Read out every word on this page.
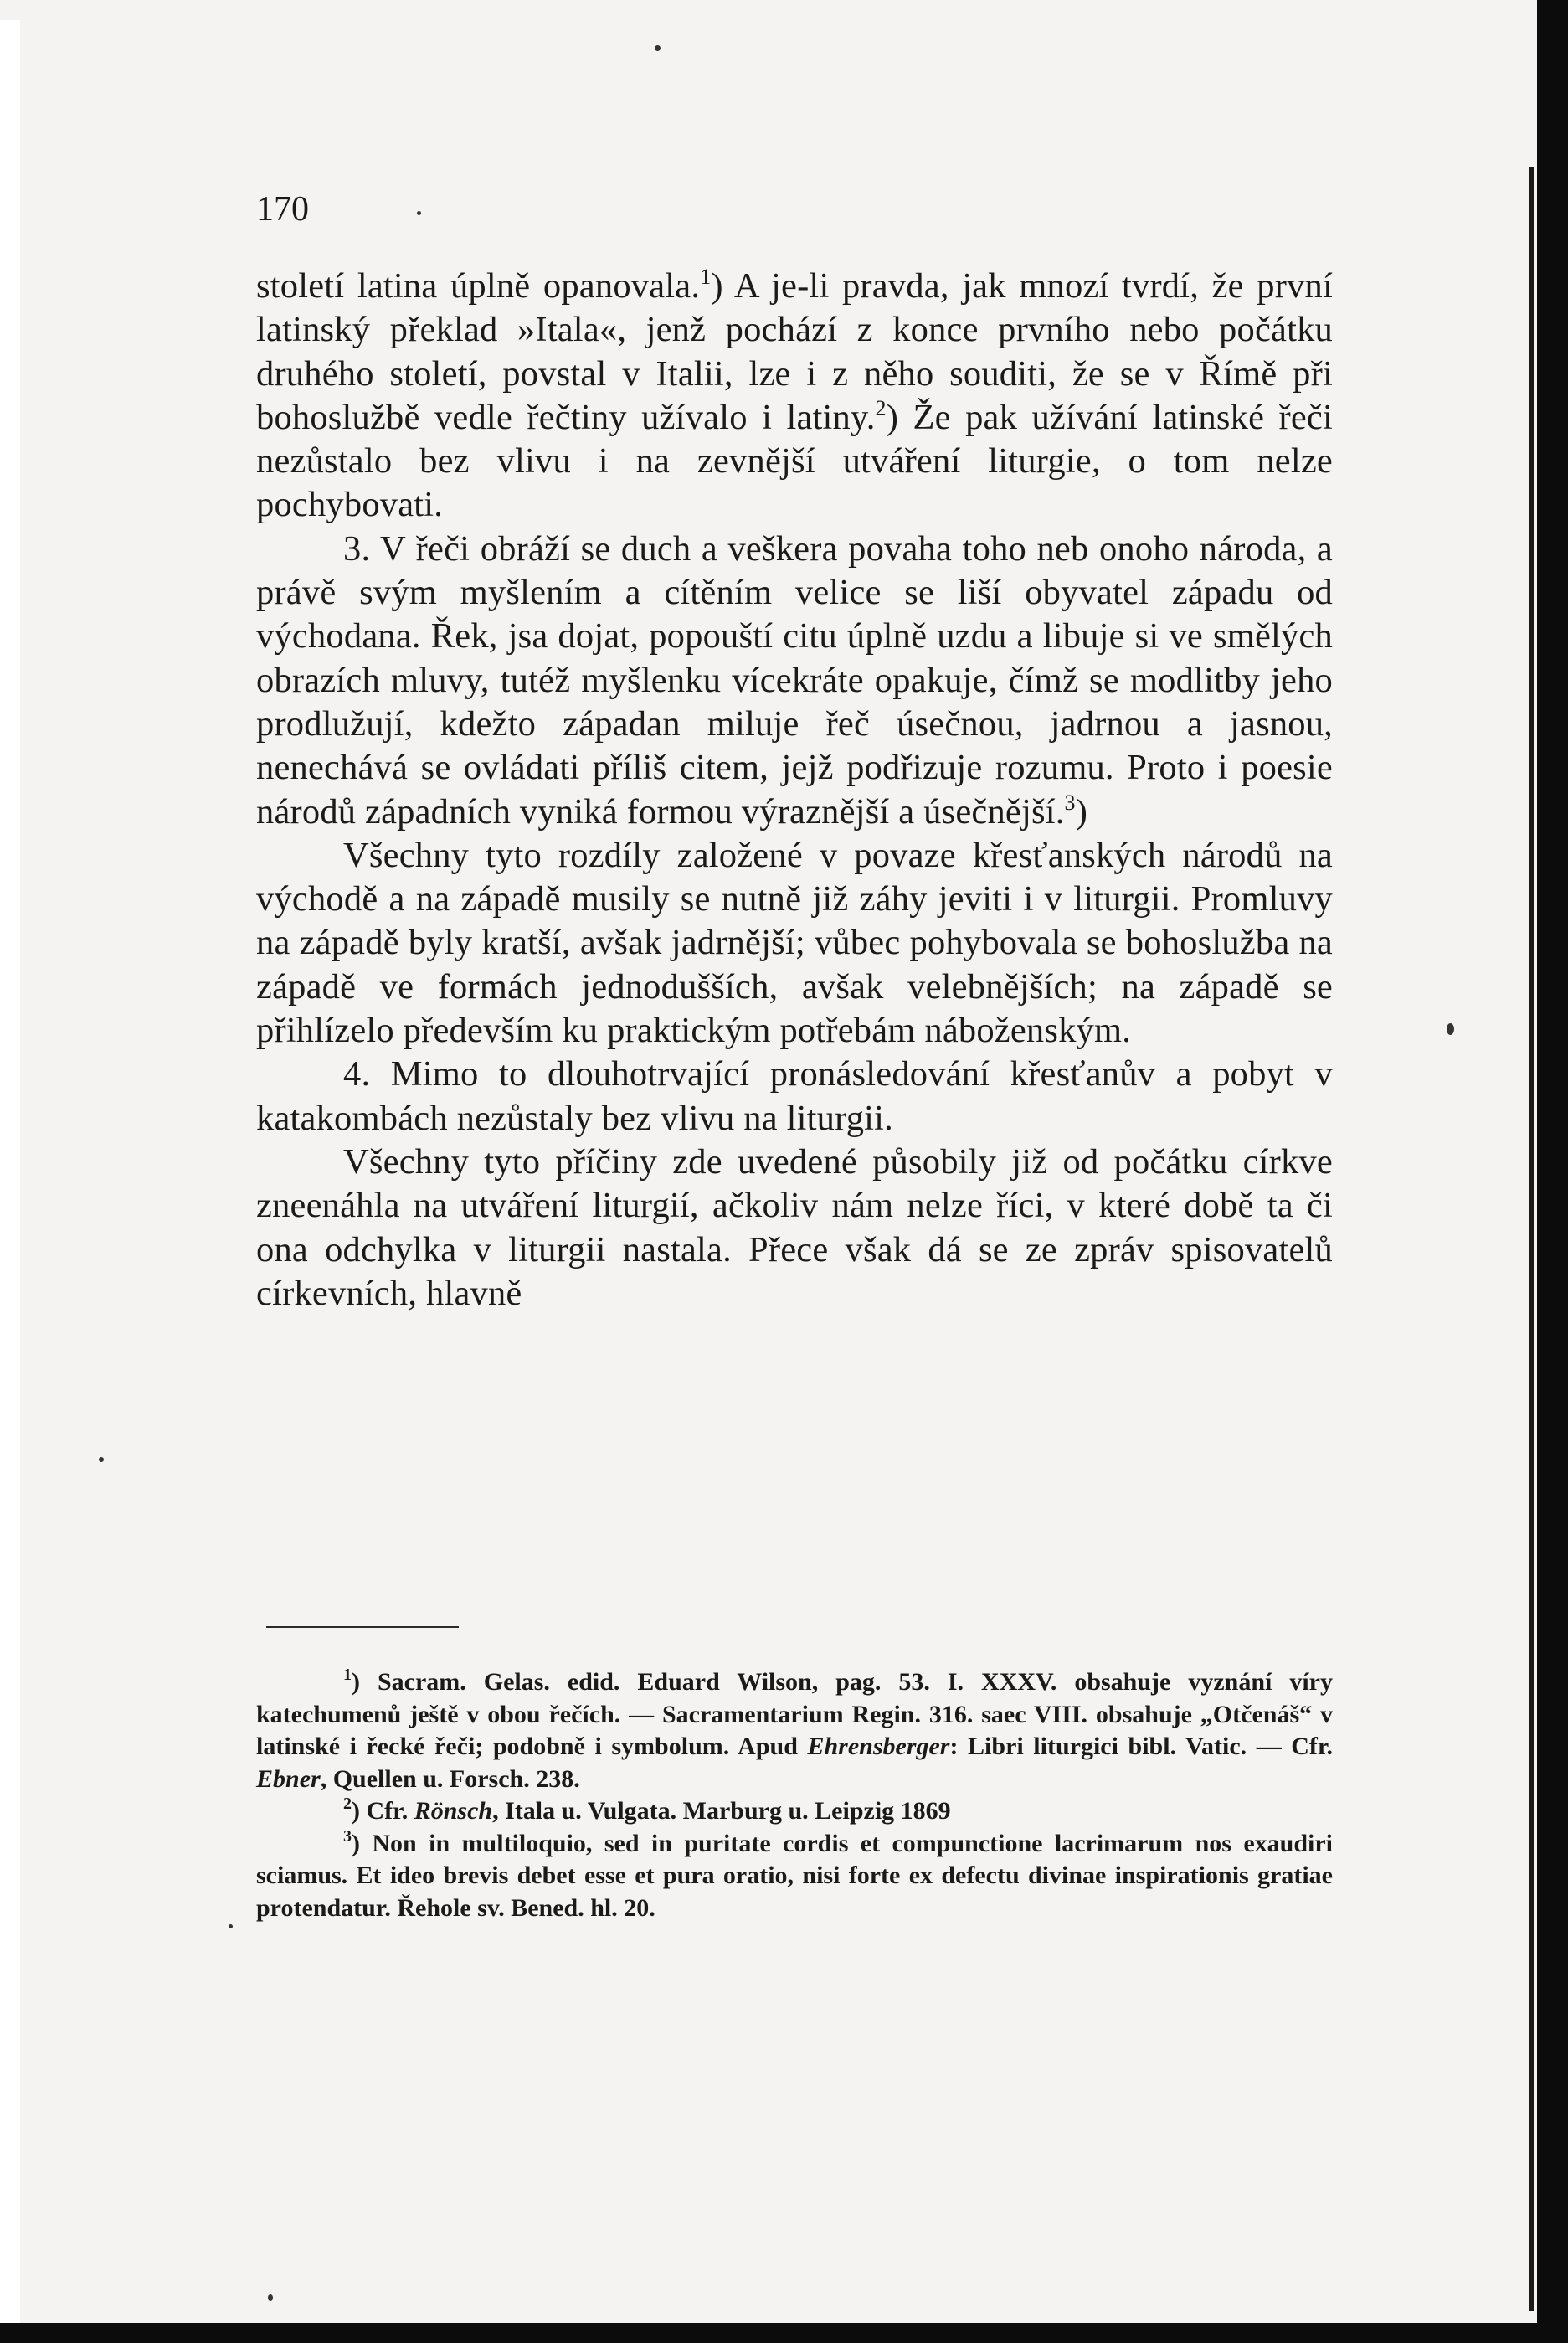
170

století latina úplně opanovala.$^1$) A je-li pravda, jak mnozí tvrdí, že první latinský překlad »Itala«, jenž pochází z konce prvního nebo počátku druhého století, povstal v Italii, lze i z něho souditi, že se v Římě při bohoslužbě vedle řečtiny užívalo i latiny.$^2$) Že pak užívání latinské řeči nezůstalo bez vlivu i na zevnější utváření liturgie, o tom nelze pochybovati.

3. V řeči obráží se duch a veškera povaha toho neb onoho národa, a právě svým myšlením a cítěním velice se liší obyvatel západu od východana. Řek, jsa dojat, popouští citu úplně uzdu a libuje si ve smělých obrazích mluvy, tutéž myšlenku vícekráte opakuje, čímž se modlitby jeho prodlužují, kdežto západan miluje řeč úsečnou, jadrnou a jasnou, nenechává se ovládati příliš citem, jejž podřizuje rozumu. Proto i poesie národů západních vyniká formou výraznější a úsečnější.$^3$)

Všechny tyto rozdíly založené v povaze křesťanských národů na východě a na západě musily se nutně již záhy jeviti i v liturgii. Promluvy na západě byly kratší, avšak jadrnější; vůbec pohybovala se bohoslužba na západě ve formách jednodušších, avšak velebnějších; na západě se přihlízelo především ku praktickým potřebám náboženským.

4. Mimo to dlouhotrvající pronásledování křesťanův a pobyt v katakombách nezůstaly bez vlivu na liturgii.

Všechny tyto příčiny zde uvedené působily již od počátku církve zneenáhla na utváření liturgií, ačkoliv nám nelze říci, v které době ta či ona odchylka v liturgii nastala. Přece však dá se ze zpráv spisovatelů církevních, hlavně

$^1$) Sacram. Gelas. edid. Eduard Wilson, pag. 53. I. XXXV. obsahuje vyznání víry katechumenů ještě v obou řečích. — Sacramentarium Regin. 316. saec VIII. obsahuje „Otčenáš“ v latinské i řecké řeči; podobně i symbolum. Apud Ehrensberger: Libri liturgici bibl. Vatic. — Cfr. Ebner, Quellen u. Forsch. 238.

$^2$) Cfr. Rönsch, Itala u. Vulgata. Marburg u. Leipzig 1869

$^3$) Non in multiloquio, sed in puritate cordis et compunctione lacrimarum nos exaudiri sciamus. Et ideo brevis debet esse et pura oratio, nisi forte ex defectu divinae inspirationis gratiae protendatur. Řehole sv. Bened. hl. 20.
